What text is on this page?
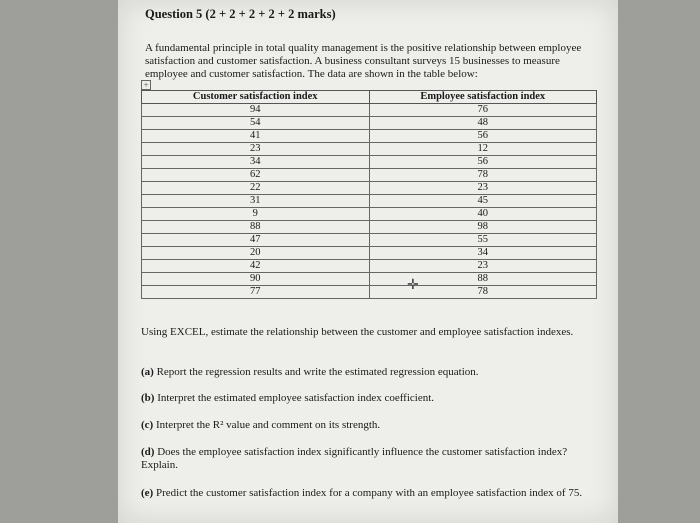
Question 5 (2 + 2 + 2 + 2 + 2 marks)
A fundamental principle in total quality management is the positive relationship between employee satisfaction and customer satisfaction. A business consultant surveys 15 businesses to measure employee and customer satisfaction. The data are shown in the table below:
+
Customer satisfaction index	Employee satisfaction index
94	76
54	48
41	56
23	12
34	56
62	78
22	23
31	45
9	40
88	98
47	55
20	34
42	23
90	88
77	78
✛
Using EXCEL, estimate the relationship between the customer and employee satisfaction indexes.
(a) Report the regression results and write the estimated regression equation.
(b) Interpret the estimated employee satisfaction index coefficient.
(c) Interpret the R² value and comment on its strength.
(d) Does the employee satisfaction index significantly influence the customer satisfaction index? Explain.
(e) Predict the customer satisfaction index for a company with an employee satisfaction index of 75.
